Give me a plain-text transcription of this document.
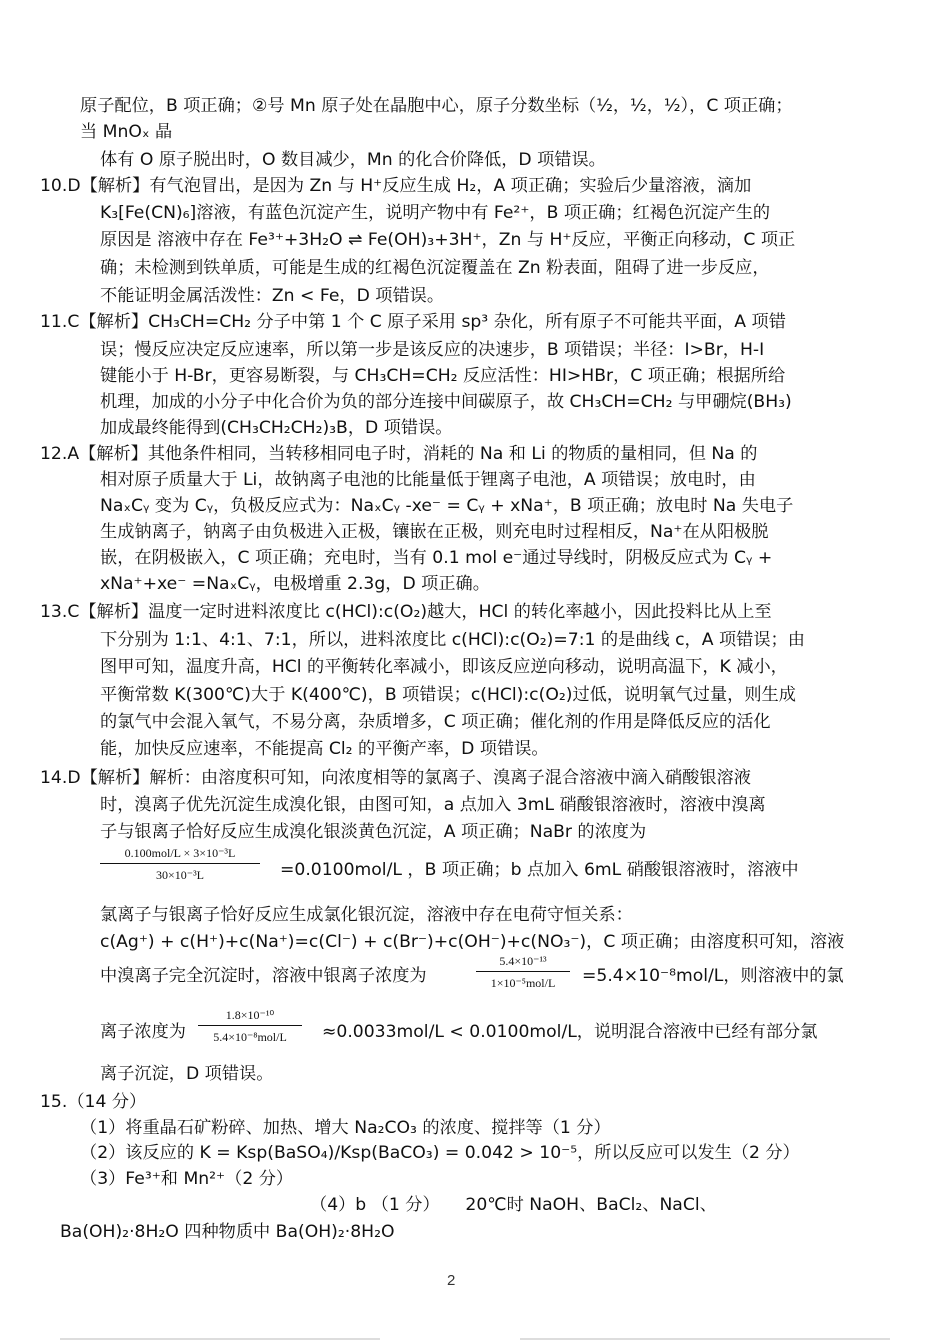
原子配位，B 项正确；②号 Mn 原子处在晶胞中心，原子分数坐标（½，½，½），C 项正确；
当 MnOₓ 晶
体有 O 原子脱出时，O 数目减少，Mn 的化合价降低，D 项错误。
10.D【解析】有气泡冒出，是因为 Zn 与 H⁺反应生成 H₂，A 项正确；实验后少量溶液，滴加
K₃[Fe(CN)₆]溶液，有蓝色沉淀产生，说明产物中有 Fe²⁺，B 项正确；红褐色沉淀产生的
原因是 溶液中存在 Fe³⁺+3H₂O ⇌ Fe(OH)₃+3H⁺，Zn 与 H⁺反应，平衡正向移动，C 项正
确；未检测到铁单质，可能是生成的红褐色沉淀覆盖在 Zn 粉表面，阻碍了进一步反应，
不能证明金属活泼性：Zn < Fe，D 项错误。
11.C【解析】CH₃CH=CH₂ 分子中第 1 个 C 原子采用 sp³ 杂化，所有原子不可能共平面，A 项错
误；慢反应决定反应速率，所以第一步是该反应的决速步，B 项错误；半径：I>Br，H-I
键能小于 H-Br，更容易断裂，与 CH₃CH=CH₂ 反应活性：HI>HBr，C 项正确；根据所给
机理，加成的小分子中化合价为负的部分连接中间碳原子，故 CH₃CH=CH₂ 与甲硼烷(BH₃)
加成最终能得到(CH₃CH₂CH₂)₃B，D 项错误。
12.A【解析】其他条件相同，当转移相同电子时，消耗的 Na 和 Li 的物质的量相同，但 Na 的
相对原子质量大于 Li，故钠离子电池的比能量低于锂离子电池，A 项错误；放电时，由
NaₓCᵧ 变为 Cᵧ，负极反应式为：NaₓCᵧ -xe⁻ = Cᵧ + xNa⁺，B 项正确；放电时 Na 失电子
生成钠离子，钠离子由负极进入正极，镶嵌在正极，则充电时过程相反，Na⁺在从阳极脱
嵌，在阴极嵌入，C 项正确；充电时，当有 0.1 mol e⁻通过导线时，阴极反应式为 Cᵧ +
xNa⁺+xe⁻ =NaₓCᵧ，电极增重 2.3g，D 项正确。
13.C【解析】温度一定时进料浓度比 c(HCl):c(O₂)越大，HCl 的转化率越小，因此投料比从上至
下分别为 1:1、4:1、7:1，所以，进料浓度比 c(HCl):c(O₂)=7:1 的是曲线 c，A 项错误；由
图甲可知，温度升高，HCl 的平衡转化率减小，即该反应逆向移动，说明高温下，K 减小，
平衡常数 K(300℃)大于 K(400℃)，B 项错误；c(HCl):c(O₂)过低，说明氧气过量，则生成
的氯气中会混入氧气，不易分离，杂质增多，C 项正确；催化剂的作用是降低反应的活化
能，加快反应速率，不能提高 Cl₂ 的平衡产率，D 项错误。
14.D【解析】解析：由溶度积可知，向浓度相等的氯离子、溴离子混合溶液中滴入硝酸银溶液
时，溴离子优先沉淀生成溴化银，由图可知，a 点加入 3mL 硝酸银溶液时，溶液中溴离
子与银离子恰好反应生成溴化银淡黄色沉淀，A 项正确；NaBr 的浓度为
0.100mol/L × 3×10⁻³L
30×10⁻³L	=0.0100mol/L ，B 项正确；b 点加入 6mL 硝酸银溶液时，溶液中
氯离子与银离子恰好反应生成氯化银沉淀，溶液中存在电荷守恒关系：
c(Ag⁺) + c(H⁺)+c(Na⁺)=c(Cl⁻) + c(Br⁻)+c(OH⁻)+c(NO₃⁻)，C 项正确；由溶度积可知，溶液
中溴离子完全沉淀时，溶液中银离子浓度为
5.4×10⁻¹³
1×10⁻⁵mol/L	=5.4×10⁻⁸mol/L，则溶液中的氯
离子浓度为
1.8×10⁻¹⁰
5.4×10⁻⁸mol/L	≈0.0033mol/L < 0.0100mol/L，说明混合溶液中已经有部分氯
离子沉淀，D 项错误。
15.（14 分）
（1）将重晶石矿粉碎、加热、增大 Na₂CO₃ 的浓度、搅拌等（1 分）
（2）该反应的 K = Ksp(BaSO₄)/Ksp(BaCO₃) = 0.042 > 10⁻⁵，所以反应可以发生（2 分）
（3）Fe³⁺和 Mn²⁺（2 分）
（4）b （1 分）　　20℃时 NaOH、BaCl₂、NaCl、
Ba(OH)₂·8H₂O 四种物质中 Ba(OH)₂·8H₂O
2
